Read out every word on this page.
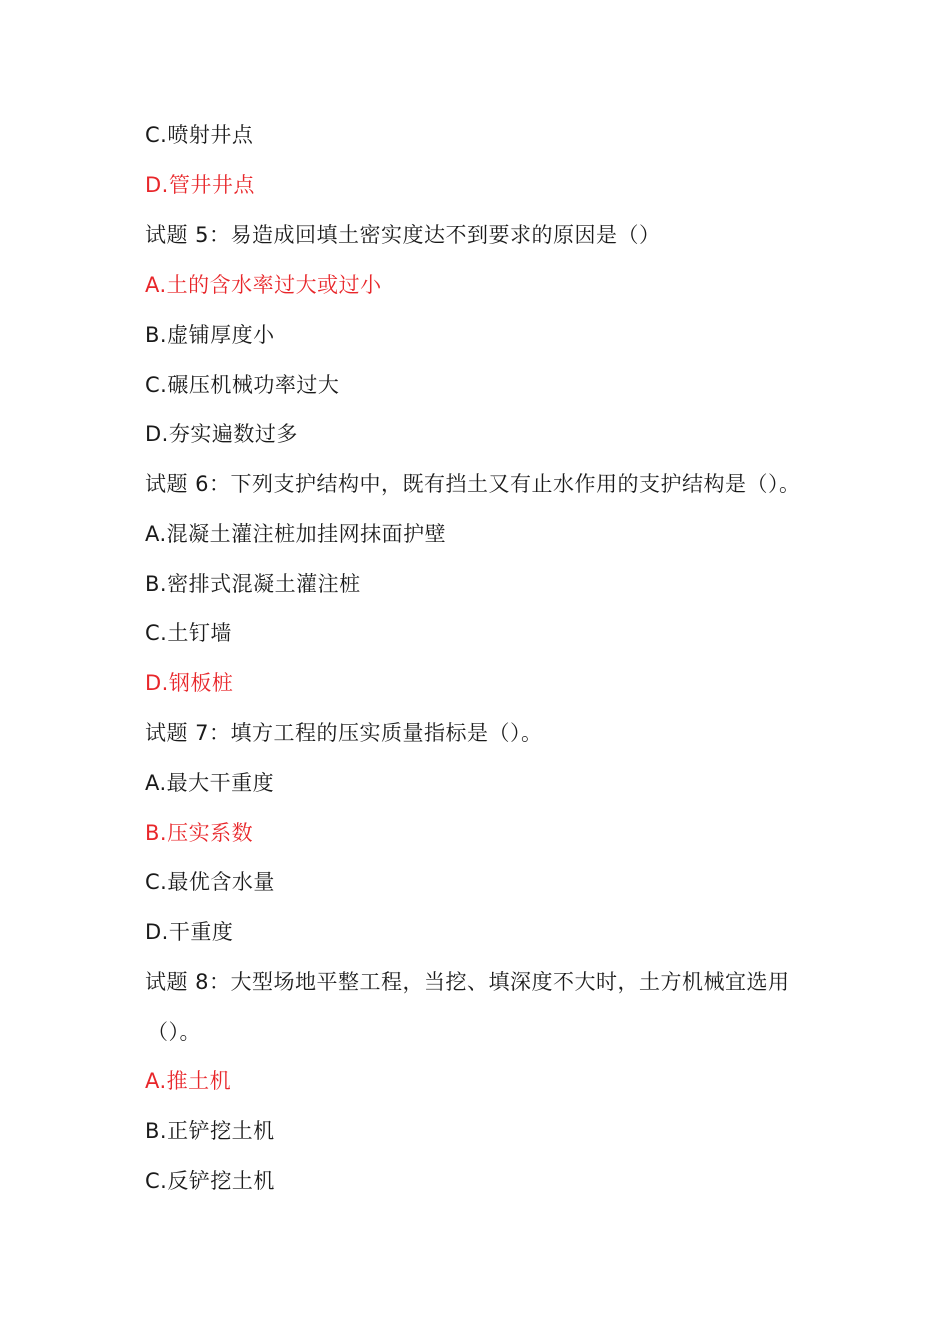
C.喷射井点
D.管井井点
试题 5：易造成回填土密实度达不到要求的原因是（）
A.土的含水率过大或过小
B.虚铺厚度小
C.碾压机械功率过大
D.夯实遍数过多
试题 6：下列支护结构中，既有挡土又有止水作用的支护结构是（）。
A.混凝土灌注桩加挂网抹面护壁
B.密排式混凝土灌注桩
C.土钉墙
D.钢板桩
试题 7：填方工程的压实质量指标是（）。
A.最大干重度
B.压实系数
C.最优含水量
D.干重度
试题 8：大型场地平整工程，当挖、填深度不大时，土方机械宜选用
（）。
A.推土机
B.正铲挖土机
C.反铲挖土机
